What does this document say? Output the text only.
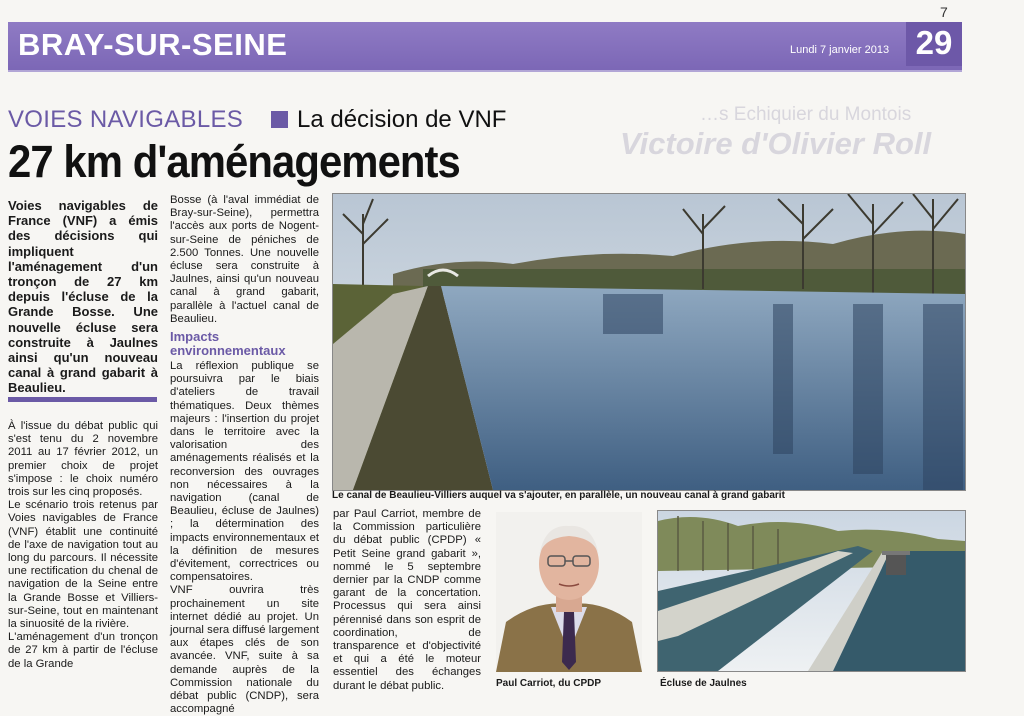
BRAY-SUR-SEINE	Lundi 7 janvier 2013 29
7
…s Echiquier du Montois
Victoire d'Olivier Roll
VOIES NAVIGABLES La décision de VNF
27 km d'aménagements
Voies navigables de France (VNF) a émis des décisions qui impliquent l'aménagement d'un tronçon de 27 km depuis l'écluse de la Grande Bosse. Une nouvelle écluse sera construite à Jaulnes ainsi qu'un nouveau canal à grand gabarit à Beaulieu.

À l'issue du débat public qui s'est tenu du 2 novembre 2011 au 17 février 2012, un premier choix de projet s'impose : le choix numéro trois sur les cinq proposés.

Le scénario trois retenus par Voies navigables de France (VNF) établit une continuité de l'axe de navigation tout au long du parcours. Il nécessite une rectification du chenal de navigation de la Seine entre la Grande Bosse et Villiers-sur-Seine, tout en maintenant la sinuosité de la rivière.

L'aménagement d'un tronçon de 27 km à partir de l'écluse de la Grande

Bosse (à l'aval immédiat de Bray-sur-Seine), permettra l'accès aux ports de Nogent-sur-Seine de péniches de 2.500 Tonnes. Une nouvelle écluse sera construite à Jaulnes, ainsi qu'un nouveau canal à grand gabarit, parallèle à l'actuel canal de Beaulieu.
Impacts environnementaux

La réflexion publique se poursuivra par le biais d'ateliers de travail thématiques. Deux thèmes majeurs : l'insertion du projet dans le territoire avec la valorisation des aménagements réalisés et la reconversion des ouvrages non nécessaires à la navigation (canal de Beaulieu, écluse de Jaulnes) ; la détermination des impacts environnementaux et la définition de mesures d'évitement, correctrices ou compensatoires.

VNF ouvrira très prochainement un site internet dédié au projet. Un journal sera diffusé largement aux étapes clés de son avancée. VNF, suite à sa demande auprès de la Commission nationale du débat public (CNDP), sera accompagné

par Paul Carriot, membre de la Commission particulière du débat public (CPDP) « Petit Seine grand gabarit », nommé le 5 septembre dernier par la CNDP comme garant de la concertation. Processus qui sera ainsi pérennisé dans son esprit de coordination, de transparence et d'objectivité et qui a été le moteur essentiel des échanges durant le débat public.
Le canal de Beaulieu-Villiers auquel va s'ajouter, en parallèle, un nouveau canal à grand gabarit
Paul Carriot, du CPDP	Écluse de Jaulnes
